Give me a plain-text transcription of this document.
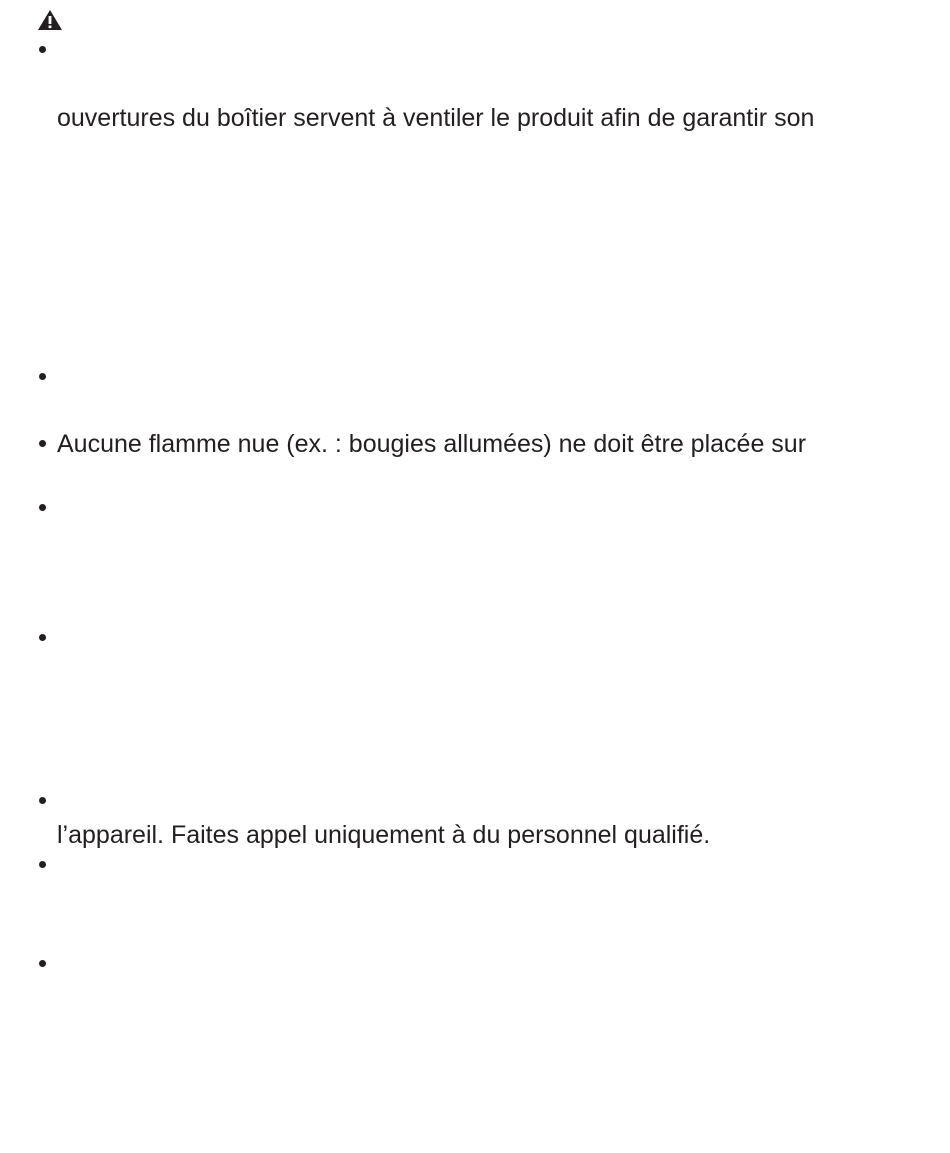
ouvertures du boîtier servent à ventiler le produit afin de garantir son
Aucune flamme nue (ex. : bougies allumées) ne doit être placée sur
l’appareil. Faites appel uniquement à du personnel qualifié.
